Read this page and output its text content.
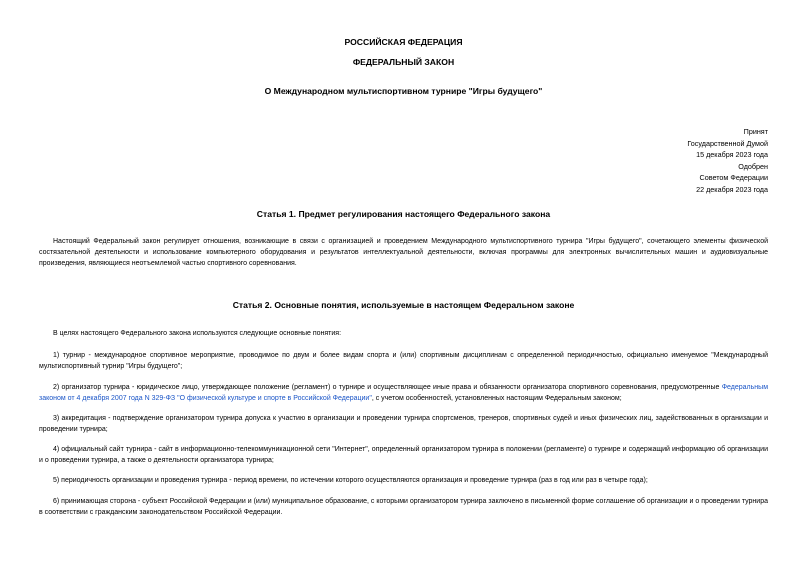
РОССИЙСКАЯ ФЕДЕРАЦИЯ
ФЕДЕРАЛЬНЫЙ ЗАКОН
О Международном мультиспортивном турнире "Игры будущего"
Принят
Государственной Думой
15 декабря 2023 года
Одобрен
Советом Федерации
22 декабря 2023 года
Статья 1. Предмет регулирования настоящего Федерального закона

Настоящий Федеральный закон регулирует отношения, возникающие в связи с организацией и проведением Международного мультиспортивного турнира "Игры будущего", сочетающего элементы физической состязательной деятельности и использование компьютерного оборудования и результатов интеллектуальной деятельности, включая программы для электронных вычислительных машин и аудиовизуальные произведения, являющиеся неотъемлемой частью спортивного соревнования.

Статья 2. Основные понятия, используемые в настоящем Федеральном законе

В целях настоящего Федерального закона используются следующие основные понятия:

1) турнир - международное спортивное мероприятие, проводимое по двум и более видам спорта и (или) спортивным дисциплинам с определенной периодичностью, официально именуемое "Международный мультиспортивный турнир "Игры будущего";

2) организатор турнира - юридическое лицо, утверждающее положение (регламент) о турнире и осуществляющее иные права и обязанности организатора спортивного соревнования, предусмотренные Федеральным законом от 4 декабря 2007 года N 329-ФЗ "О физической культуре и спорте в Российской Федерации", с учетом особенностей, установленных настоящим Федеральным законом;

3) аккредитация - подтверждение организатором турнира допуска к участию в организации и проведении турнира спортсменов, тренеров, спортивных судей и иных физических лиц, задействованных в организации и проведении турнира;

4) официальный сайт турнира - сайт в информационно-телекоммуникационной сети "Интернет", определенный организатором турнира в положении (регламенте) о турнире и содержащий информацию об организации и о проведении турнира, а также о деятельности организатора турнира;

5) периодичность организации и проведения турнира - период времени, по истечении которого осуществляются организация и проведение турнира (раз в год или раз в четыре года);

6) принимающая сторона - субъект Российской Федерации и (или) муниципальное образование, с которыми организатором турнира заключено в письменной форме соглашение об организации и о проведении турнира в соответствии с гражданским законодательством Российской Федерации.
